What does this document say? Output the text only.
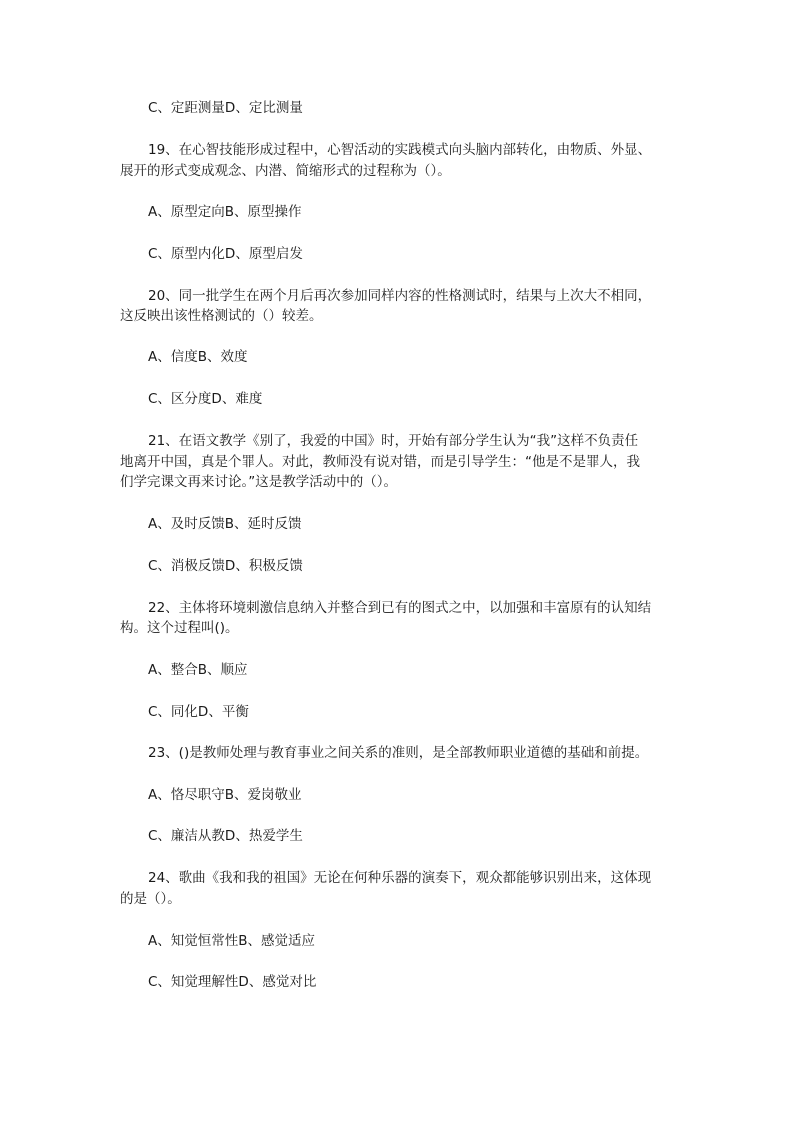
C、定距测量D、定比测量
19、在心智技能形成过程中，心智活动的实践模式向头脑内部转化，由物质、外显、
展开的形式变成观念、内潜、简缩形式的过程称为（）。
A、原型定向B、原型操作
C、原型内化D、原型启发
20、同一批学生在两个月后再次参加同样内容的性格测试时，结果与上次大不相同，
这反映出该性格测试的（）较差。
A、信度B、效度
C、区分度D、难度
21、在语文教学《别了，我爱的中国》时，开始有部分学生认为“我”这样不负责任
地离开中国，真是个罪人。对此，教师没有说对错，而是引导学生：“他是不是罪人，我
们学完课文再来讨论。”这是教学活动中的（）。
A、及时反馈B、延时反馈
C、消极反馈D、积极反馈
22、主体将环境刺激信息纳入并整合到已有的图式之中，以加强和丰富原有的认知结
构。这个过程叫()。
A、整合B、顺应
C、同化D、平衡
23、()是教师处理与教育事业之间关系的准则，是全部教师职业道德的基础和前提。
A、恪尽职守B、爱岗敬业
C、廉洁从教D、热爱学生
24、歌曲《我和我的祖国》无论在何种乐器的演奏下，观众都能够识别出来，这体现
的是（）。
A、知觉恒常性B、感觉适应
C、知觉理解性D、感觉对比
